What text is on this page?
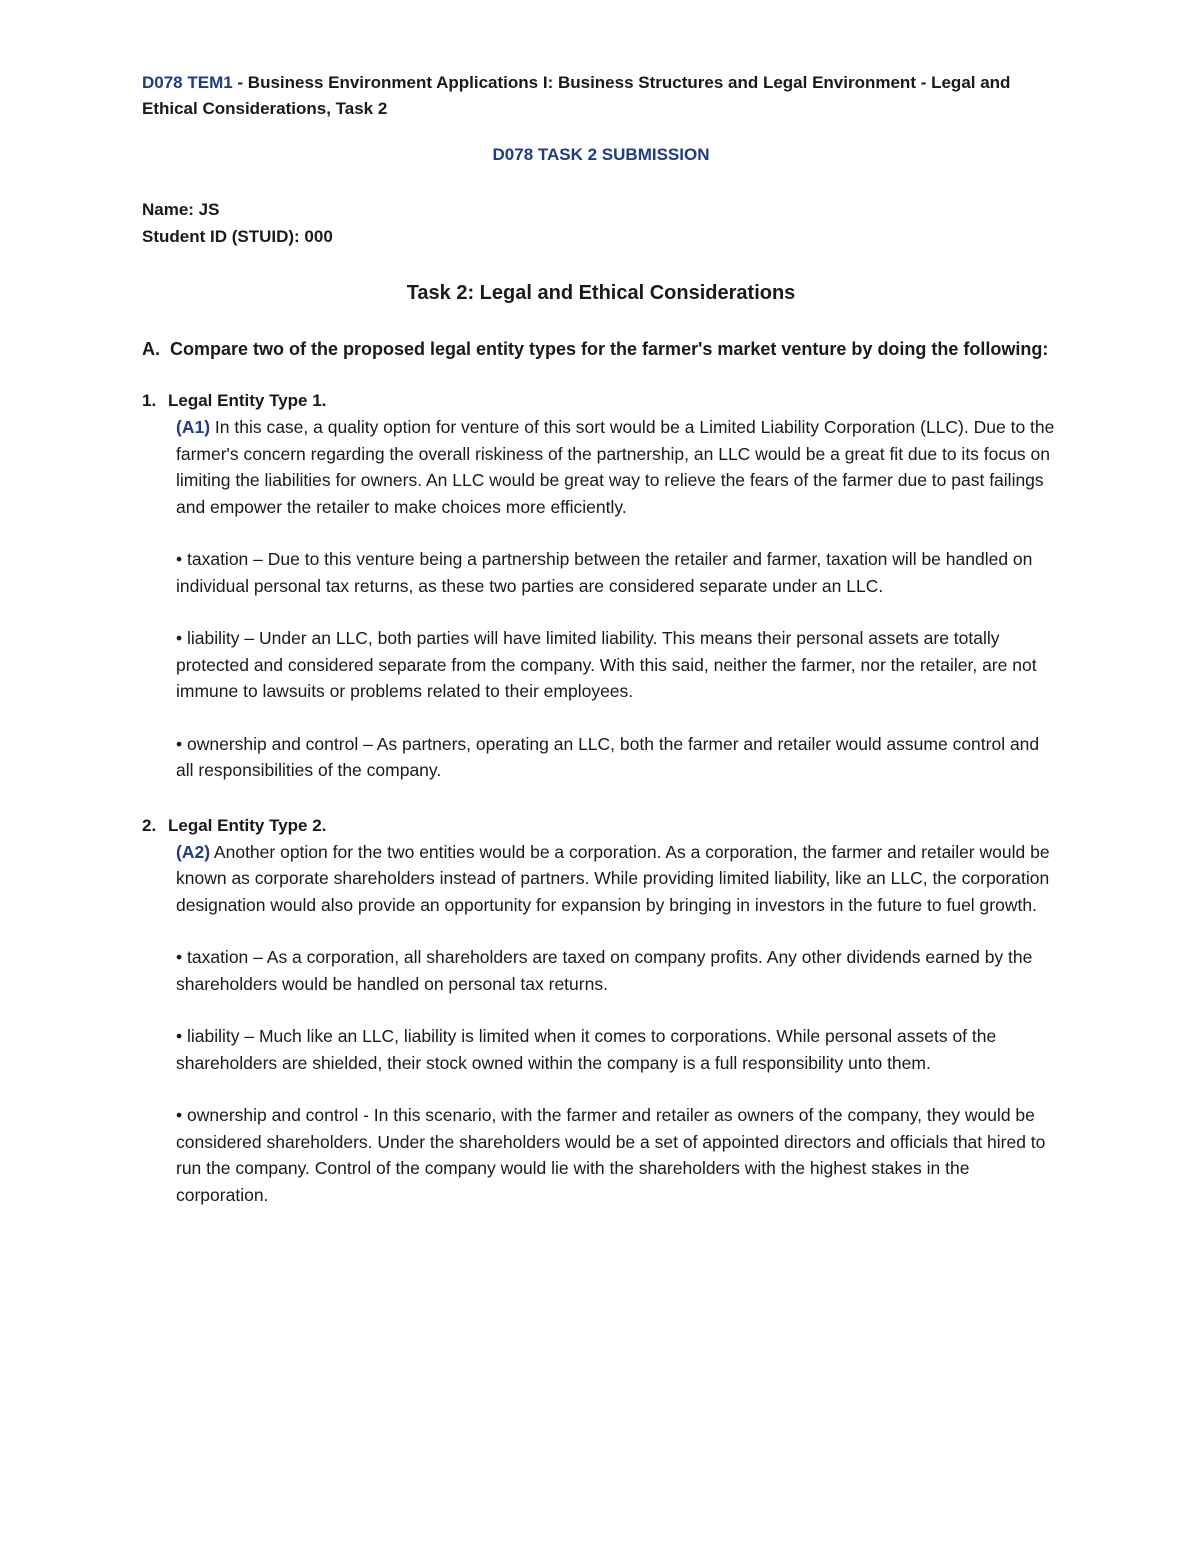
D078 TEM1 - Business Environment Applications I: Business Structures and Legal Environment - Legal and Ethical Considerations, Task 2

D078 TASK 2 SUBMISSION

Name: JS
Student ID (STUID): 000

Task 2: Legal and Ethical Considerations

A. Compare two of the proposed legal entity types for the farmer's market venture by doing the following:
1. Legal Entity Type 1.

(A1) In this case, a quality option for venture of this sort would be a Limited Liability Corporation (LLC). Due to the farmer's concern regarding the overall riskiness of the partnership, an LLC would be a great fit due to its focus on limiting the liabilities for owners. An LLC would be great way to relieve the fears of the farmer due to past failings and empower the retailer to make choices more efficiently.

• taxation – Due to this venture being a partnership between the retailer and farmer, taxation will be handled on individual personal tax returns, as these two parties are considered separate under an LLC.

• liability – Under an LLC, both parties will have limited liability. This means their personal assets are totally protected and considered separate from the company. With this said, neither the farmer, nor the retailer, are not immune to lawsuits or problems related to their employees.

• ownership and control – As partners, operating an LLC, both the farmer and retailer would assume control and all responsibilities of the company.

2. Legal Entity Type 2.

(A2) Another option for the two entities would be a corporation. As a corporation, the farmer and retailer would be known as corporate shareholders instead of partners. While providing limited liability, like an LLC, the corporation designation would also provide an opportunity for expansion by bringing in investors in the future to fuel growth.

• taxation – As a corporation, all shareholders are taxed on company profits. Any other dividends earned by the shareholders would be handled on personal tax returns.

• liability – Much like an LLC, liability is limited when it comes to corporations. While personal assets of the shareholders are shielded, their stock owned within the company is a full responsibility unto them.

• ownership and control - In this scenario, with the farmer and retailer as owners of the company, they would be considered shareholders. Under the shareholders would be a set of appointed directors and officials that hired to run the company. Control of the company would lie with the shareholders with the highest stakes in the corporation.
